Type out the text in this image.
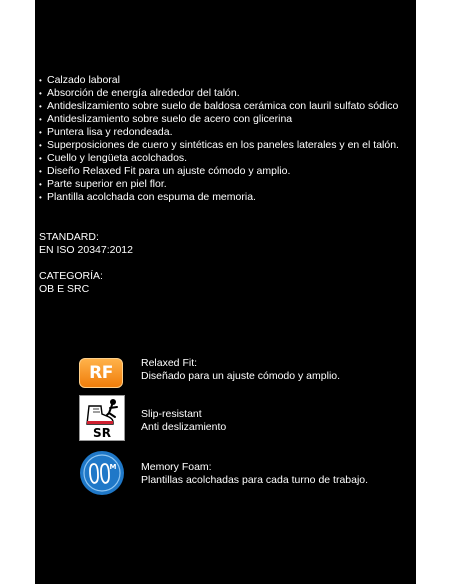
• Calzado laboral
• Absorción de energía alrededor del talón.
• Antideslizamiento sobre suelo de baldosa cerámica con lauril sulfato sódico
• Antideslizamiento sobre suelo de acero con glicerina
• Puntera lisa y redondeada.
• Superposiciones de cuero y sintéticas en los paneles laterales y en el talón.
• Cuello y lengüeta acolchados.
• Diseño Relaxed Fit para un ajuste cómodo y amplio.
• Parte superior en piel flor.
• Plantilla acolchada con espuma de memoria.
STANDARD:
EN ISO 20347:2012
CATEGORÍA:
OB E SRC
RF	Relaxed Fit:
Diseñado para un ajuste cómodo y amplio.
SR
Slip-resistant
Anti deslizamiento
M Memory Foam:
Plantillas acolchadas para cada turno de trabajo.
